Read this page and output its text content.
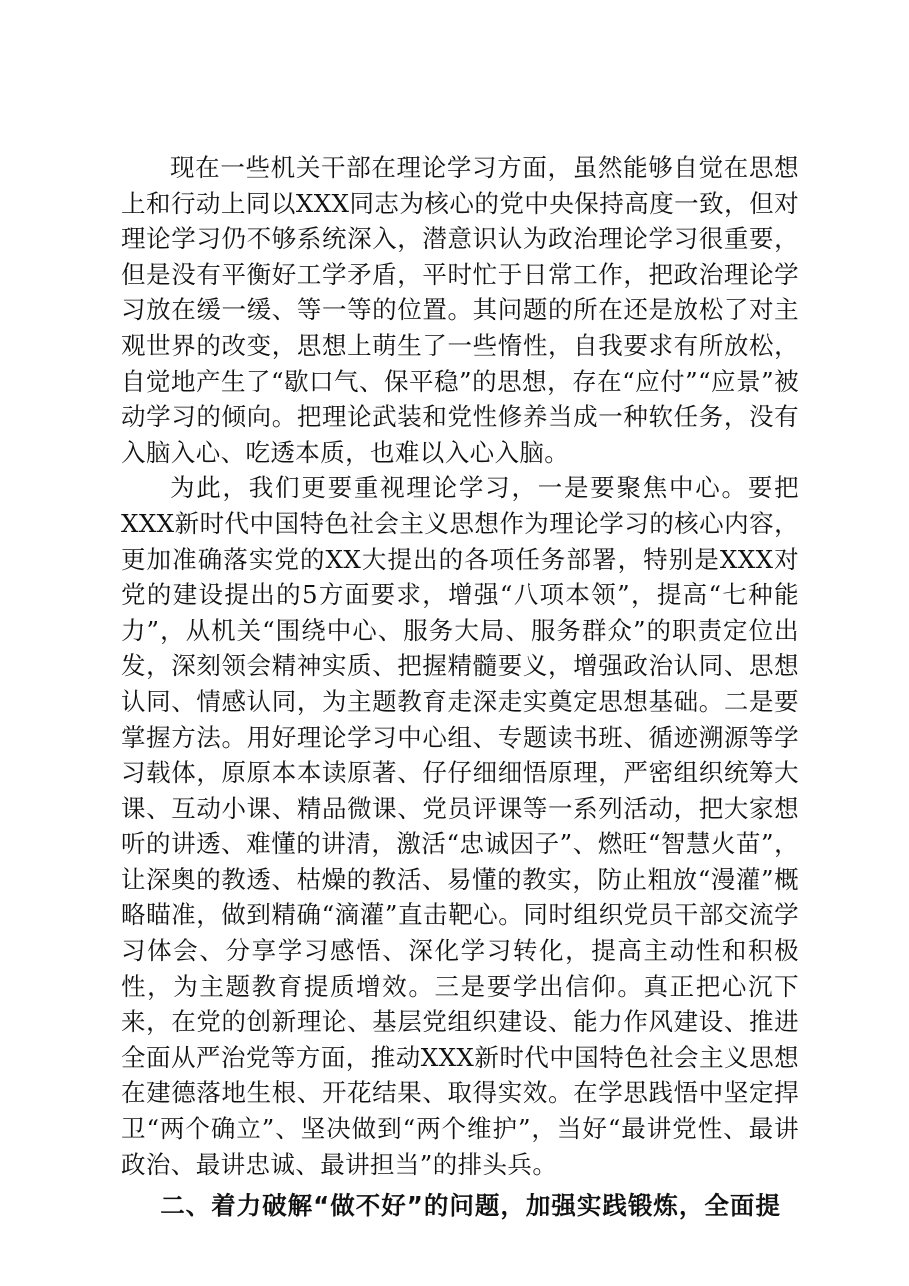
现在一些机关干部在理论学习方面，虽然能够自觉在思想上和行动上同以XXX同志为核心的党中央保持高度一致，但对理论学习仍不够系统深入，潜意识认为政治理论学习很重要，但是没有平衡好工学矛盾，平时忙于日常工作，把政治理论学习放在缓一缓、等一等的位置。其问题的所在还是放松了对主观世界的改变，思想上萌生了一些惰性，自我要求有所放松，自觉地产生了“歇口气、保平稳”的思想，存在“应付”“应景”被动学习的倾向。把理论武装和党性修养当成一种软任务，没有入脑入心、吃透本质，也难以入心入脑。

为此，我们更要重视理论学习，一是要聚焦中心。要把XXX新时代中国特色社会主义思想作为理论学习的核心内容，更加准确落实党的XX大提出的各项任务部署，特别是XXX对党的建设提出的5方面要求，增强“八项本领”，提高“七种能力”，从机关“围绕中心、服务大局、服务群众”的职责定位出发，深刻领会精神实质、把握精髓要义，增强政治认同、思想认同、情感认同，为主题教育走深走实奠定思想基础。二是要掌握方法。用好理论学习中心组、专题读书班、循迹溯源等学习载体，原原本本读原著、仔仔细细悟原理，严密组织统筹大课、互动小课、精品微课、党员评课等一系列活动，把大家想听的讲透、难懂的讲清，激活“忠诚因子”、燃旺“智慧火苗”，让深奥的教透、枯燥的教活、易懂的教实，防止粗放“漫灌”概略瞄准，做到精确“滴灌”直击靶心。同时组织党员干部交流学习体会、分享学习感悟、深化学习转化，提高主动性和积极性，为主题教育提质增效。三是要学出信仰。真正把心沉下来，在党的创新理论、基层党组织建设、能力作风建设、推进全面从严治党等方面，推动XXX新时代中国特色社会主义思想在建德落地生根、开花结果、取得实效。在学思践悟中坚定捍卫“两个确立”、坚决做到“两个维护”，当好“最讲党性、最讲政治、最讲忠诚、最讲担当”的排头兵。

二、着力破解“做不好”的问题，加强实践锻炼，全面提
